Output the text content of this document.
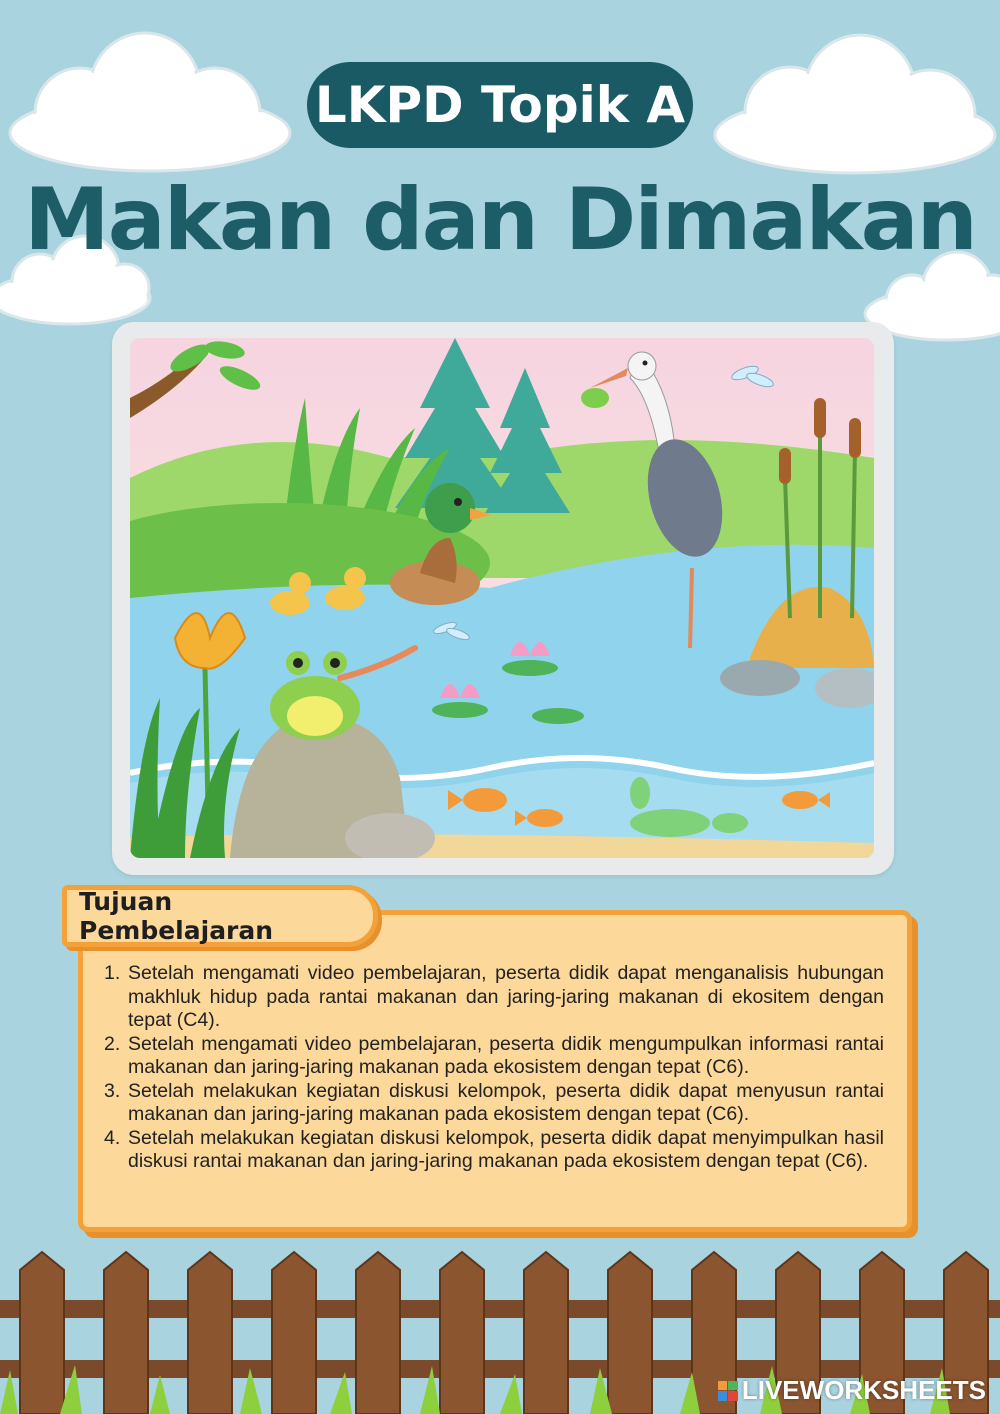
LKPD Topik A
Makan dan Dimakan
Tujuan Pembelajaran
1. Setelah mengamati video pembelajaran, peserta didik dapat menganalisis hubungan makhluk hidup pada rantai makanan dan jaring-jaring makanan di ekositem dengan tepat (C4).
2. Setelah mengamati video pembelajaran, peserta didik mengumpulkan informasi rantai makanan dan jaring-jaring makanan pada ekosistem dengan tepat (C6).
3. Setelah melakukan kegiatan diskusi kelompok, peserta didik dapat menyusun rantai makanan dan jaring-jaring makanan pada ekosistem dengan tepat (C6).
4. Setelah melakukan kegiatan diskusi kelompok, peserta didik dapat menyimpulkan hasil diskusi rantai makanan dan jaring-jaring makanan pada ekosistem dengan tepat (C6).
LIVEWORKSHEETS
